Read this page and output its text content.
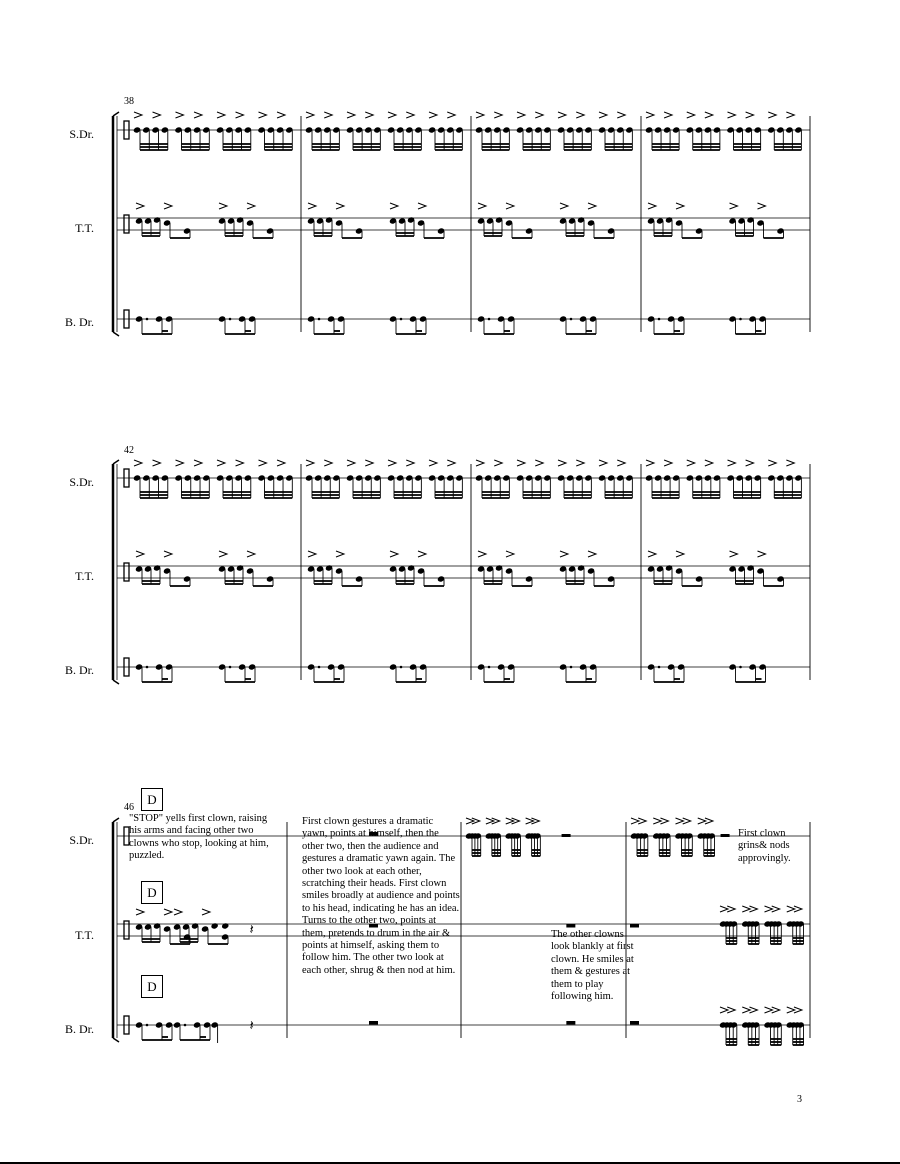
𝄽
𝄽
S.Dr.
T.T.
B. Dr.
S.Dr.
T.T.
B. Dr.
S.Dr.
T.T.
B. Dr.
38
42
46
D
D
D
"STOP" yells first clown, raising his arms and facing other two clowns who stop, looking at him, puzzled.
First clown gestures a dramatic yawn, points at himself, then the other two, then the audience and gestures a dramatic yawn again. The other two look at each other, scratching their heads. First clown smiles broadly at audience and points to his head, indicating he has an idea. Turns to the other two, points at them, pretends to drum in the air & points at himself, asking them to follow him. The other two look at each other, shrug & then nod at him.
The other clowns look blankly at first clown. He smiles at them & gestures at them to play following him.
First clown grins& nods approvingly.
3
